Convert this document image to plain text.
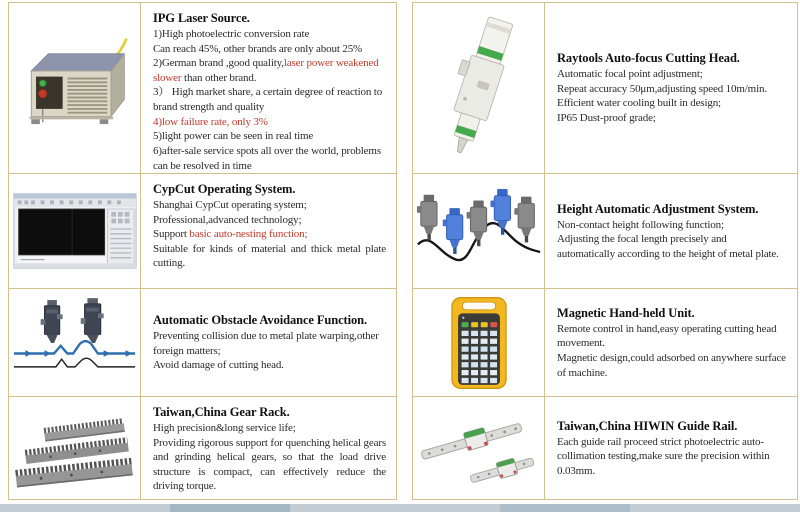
IPG Laser Source.
1)High photoelectric conversion rate
Can reach 45%, other brands are only about 25%
2)German brand ,good quality,laser power weakened slower than other brand.
3） High market share, a certain degree of reaction to brand strength and quality
4)low failure rate, only 3%
5)light power can be seen in real time
6)after-sale service spots all over the world, problems can be resolved in time
CypCut Operating System.
Shanghai CypCut operating system;
Professional,advanced technology;
Support basic auto-nesting function;
Suitable for kinds of material and thick metal plate cutting.
Automatic Obstacle Avoidance Function.
Preventing collision due to metal plate warping,other foreign matters;
Avoid damage of cutting head.
Taiwan,China Gear Rack.
High precision&long service life;
Providing rigorous support for quenching helical gears and grinding helical gears, so that the load drive structure is compact, can effectively reduce the driving torque.
Raytools Auto-focus Cutting Head.
Automatic focal point adjustment;
Repeat accuracy 50μm,adjusting speed 10m/min.
Efficient water cooling built in design;
IP65 Dust-proof grade;
Height Automatic Adjustment System.
Non-contact height following function;
Adjusting the focal length precisely and automatically according to the height of metal plate.
Magnetic Hand-held Unit.
Remote control in hand,easy operating cutting head movement.
Magnetic design,could adsorbed on anywhere surface of machine.
Taiwan,China HIWIN Guide Rail.
Each guide rail proceed strict photoelectric auto-collimation testing,make sure the precision within 0.03mm.
